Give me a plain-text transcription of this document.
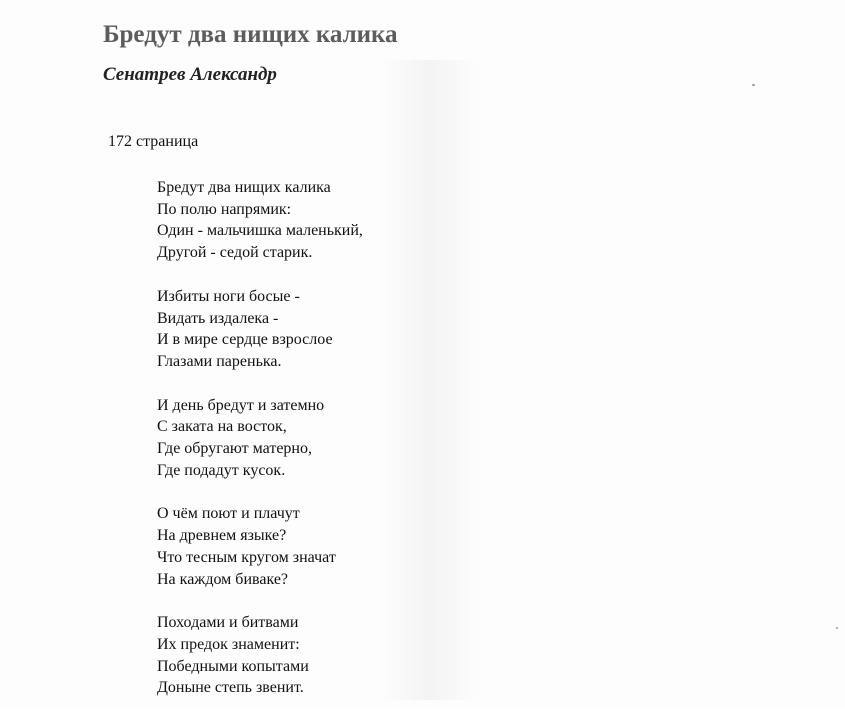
Бредут два нищих калика
Сенатрев Александр
172 страница
Бредут два нищих калика
По полю напрямик:
Один - мальчишка маленький,
Другой - седой старик.
Избиты ноги босые -
Видать издалека -
И в мире сердце взрослое
Глазами паренька.
И день бредут и затемно
С заката на восток,
Где обругают матерно,
Где подадут кусок.
О чём поют и плачут
На древнем языке?
Что тесным кругом значат
На каждом биваке?
Походами и битвами
Их предок знаменит:
Победными копытами
Доныне степь звенит.
